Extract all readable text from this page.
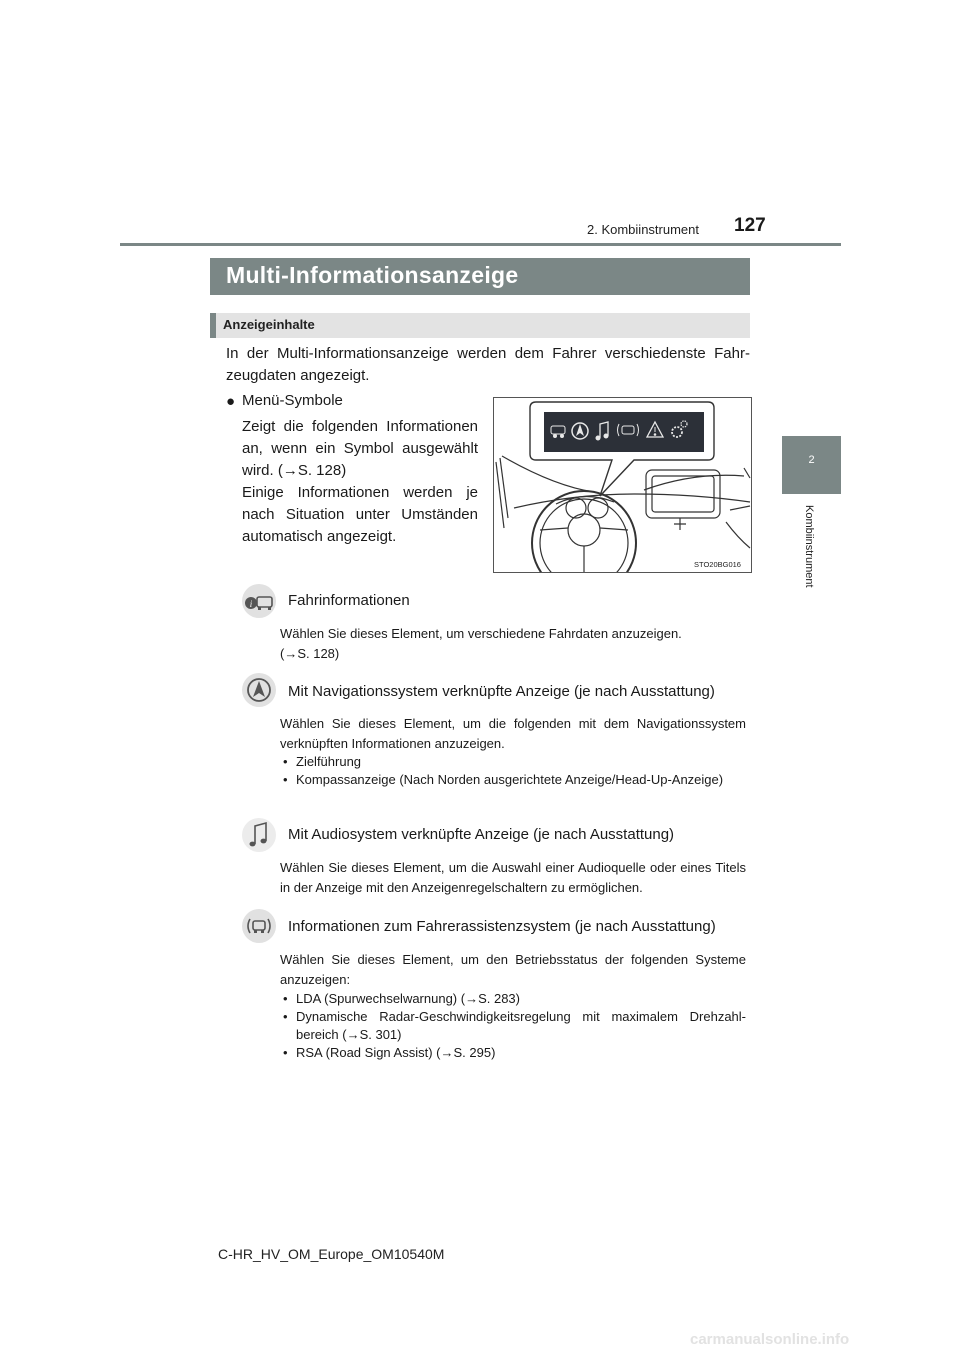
2. Kombiinstrument 127
2
Kombiinstrument
Multi-Informationsanzeige
Anzeigeinhalte
In der Multi-Informationsanzeige werden dem Fahrer verschiedenste Fahr-zeugdaten angezeigt.
● Menü-Symbole
Zeigt die folgenden Informationen an, wenn ein Symbol ausgewählt wird. (→S. 128)
Einige Informationen werden je nach Situation unter Umständen automatisch angezeigt.
STO20BG016
i Fahrinformationen
Wählen Sie dieses Element, um verschiedene Fahrdaten anzuzeigen.
(→S. 128)
Mit Navigationssystem verknüpfte Anzeige (je nach Ausstattung)
Wählen Sie dieses Element, um die folgenden mit dem Navigationssystem verknüpften Informationen anzuzeigen.
• Zielführung
• Kompassanzeige (Nach Norden ausgerichtete Anzeige/Head-Up-Anzeige)
Mit Audiosystem verknüpfte Anzeige (je nach Ausstattung)
Wählen Sie dieses Element, um die Auswahl einer Audioquelle oder eines Titels in der Anzeige mit den Anzeigenregelschaltern zu ermöglichen.
Informationen zum Fahrerassistenzsystem (je nach Ausstattung)
Wählen Sie dieses Element, um den Betriebsstatus der folgenden Systeme anzuzeigen:
• LDA (Spurwechselwarnung) (→S. 283)
• Dynamische Radar-Geschwindigkeitsregelung mit maximalem Drehzahl-bereich (→S. 301)
• RSA (Road Sign Assist) (→S. 295)
C-HR_HV_OM_Europe_OM10540M
carmanualsonline.info
